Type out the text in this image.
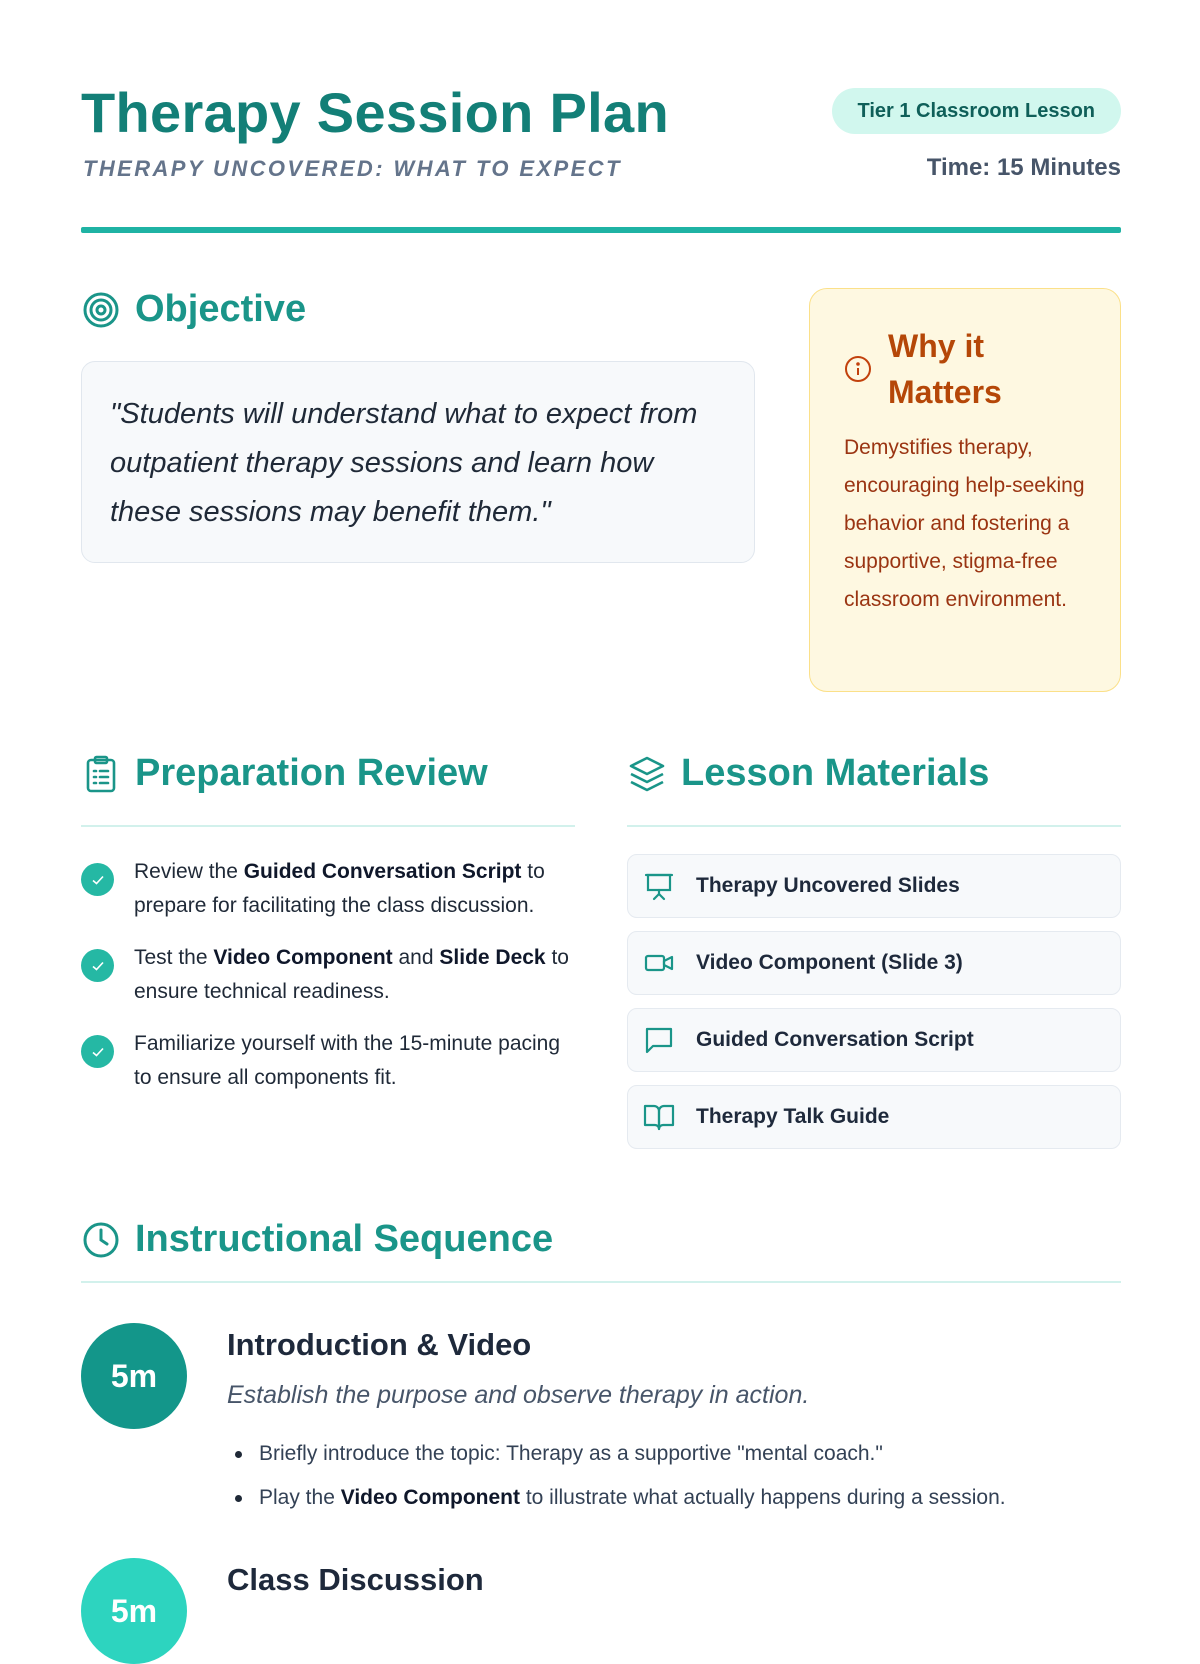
Therapy Session Plan
THERAPY UNCOVERED: WHAT TO EXPECT
Tier 1 Classroom Lesson
Time: 15 Minutes
Objective

"Students will understand what to expect from outpatient therapy sessions and learn how these sessions may benefit them."

Why it Matters
Demystifies therapy, encouraging help-seeking behavior and fostering a supportive, stigma-free classroom environment.
Preparation Review
Review the Guided Conversation Script to prepare for facilitating the class discussion.
Test the Video Component and Slide Deck to ensure technical readiness.
Familiarize yourself with the 15-minute pacing to ensure all components fit.
Lesson Materials
Therapy Uncovered Slides
Video Component (Slide 3)
Guided Conversation Script
Therapy Talk Guide
Instructional Sequence
5m
Introduction & Video
Establish the purpose and observe therapy in action.
Briefly introduce the topic: Therapy as a supportive "mental coach."
Play the Video Component to illustrate what actually happens during a session.
5m
Class Discussion
